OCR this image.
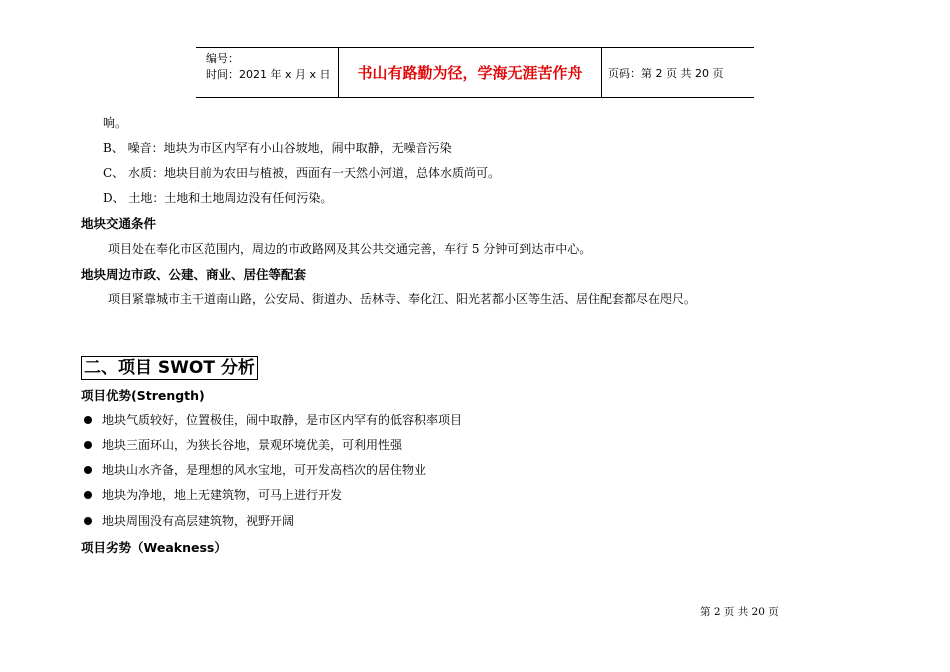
编号：
时间：2021 年 x 月 x 日	书山有路勤为径，学海无涯苦作舟	页码：第 2 页 共 20 页
响。
B、 噪音：地块为市区内罕有小山谷坡地，闹中取静，无噪音污染
C、 水质：地块目前为农田与植被，西面有一天然小河道，总体水质尚可。
D、 土地：土地和土地周边没有任何污染。
地块交通条件
项目处在奉化市区范围内，周边的市政路网及其公共交通完善，车行 5 分钟可到达市中心。
地块周边市政、公建、商业、居住等配套
项目紧靠城市主干道南山路，公安局、街道办、岳林寺、奉化江、阳光茗都小区等生活、居住配套都尽在咫尺。
二、项目 SWOT 分析
项目优势(Strength)
地块气质较好，位置极佳，闹中取静，是市区内罕有的低容积率项目
地块三面环山，为狭长谷地，景观环境优美，可利用性强
地块山水齐备，是理想的风水宝地，可开发高档次的居住物业
地块为净地，地上无建筑物，可马上进行开发
地块周围没有高层建筑物，视野开阔
项目劣势（Weakness）
第 2 页 共 20 页
